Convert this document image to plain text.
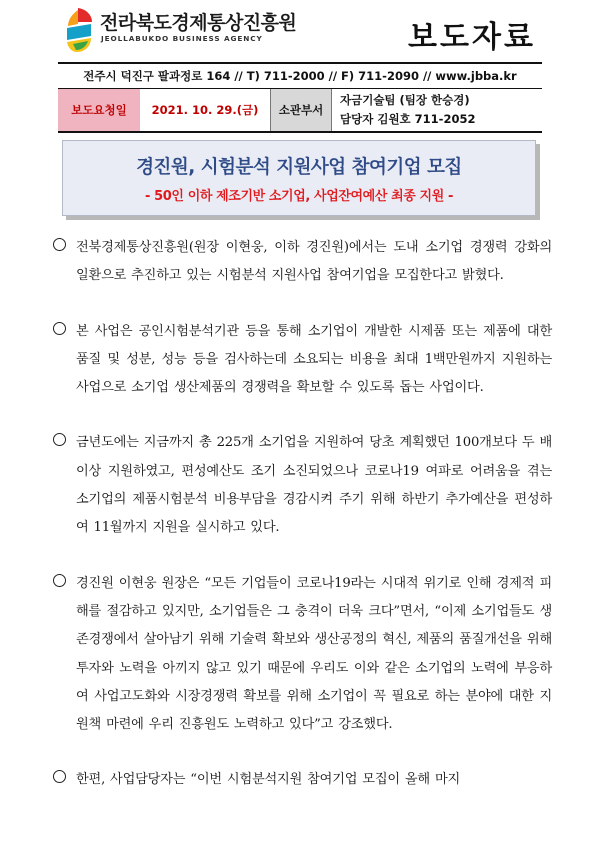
전라북도경제통상진흥원
JEOLLABUKDO BUSINESS AGENCY	보도자료
전주시 덕진구 팔과정로 164 // T) 711-2000 // F) 711-2090 // www.jbba.kr
보도요청일	2021. 10. 29.(금)	소관부서
자금기술팀 (팀장 한승경)
담당자 김원호 711-2052
경진원, 시험분석 지원사업 참여기업 모집
- 50인 이하 제조기반 소기업, 사업잔여예산 최종 지원 -
전북경제통상진흥원(원장 이현웅, 이하 경진원)에서는 도내 소기업 경쟁력 강화의 일환으로 추진하고 있는 시험분석 지원사업 참여기업을 모집한다고 밝혔다.
본 사업은 공인시험분석기관 등을 통해 소기업이 개발한 시제품 또는 제품에 대한 품질 및 성분, 성능 등을 검사하는데 소요되는 비용을 최대 1백만원까지 지원하는 사업으로 소기업 생산제품의 경쟁력을 확보할 수 있도록 돕는 사업이다.
금년도에는 지금까지 총 225개 소기업을 지원하여 당초 계획했던 100개보다 두 배 이상 지원하였고, 편성예산도 조기 소진되었으나 코로나19 여파로 어려움을 겪는 소기업의 제품시험분석 비용부담을 경감시켜 주기 위해 하반기 추가예산을 편성하여 11월까지 지원을 실시하고 있다.
경진원 이현웅 원장은 “모든 기업들이 코로나19라는 시대적 위기로 인해 경제적 피해를 절감하고 있지만, 소기업들은 그 충격이 더욱 크다”면서, “이제 소기업들도 생존경쟁에서 살아남기 위해 기술력 확보와 생산공정의 혁신, 제품의 품질개선을 위해 투자와 노력을 아끼지 않고 있기 때문에 우리도 이와 같은 소기업의 노력에 부응하여 사업고도화와 시장경쟁력 확보를 위해 소기업이 꼭 필요로 하는 분야에 대한 지원책 마련에 우리 진흥원도 노력하고 있다”고 강조했다.
한편, 사업담당자는 “이번 시험분석지원 참여기업 모집이 올해 마지
